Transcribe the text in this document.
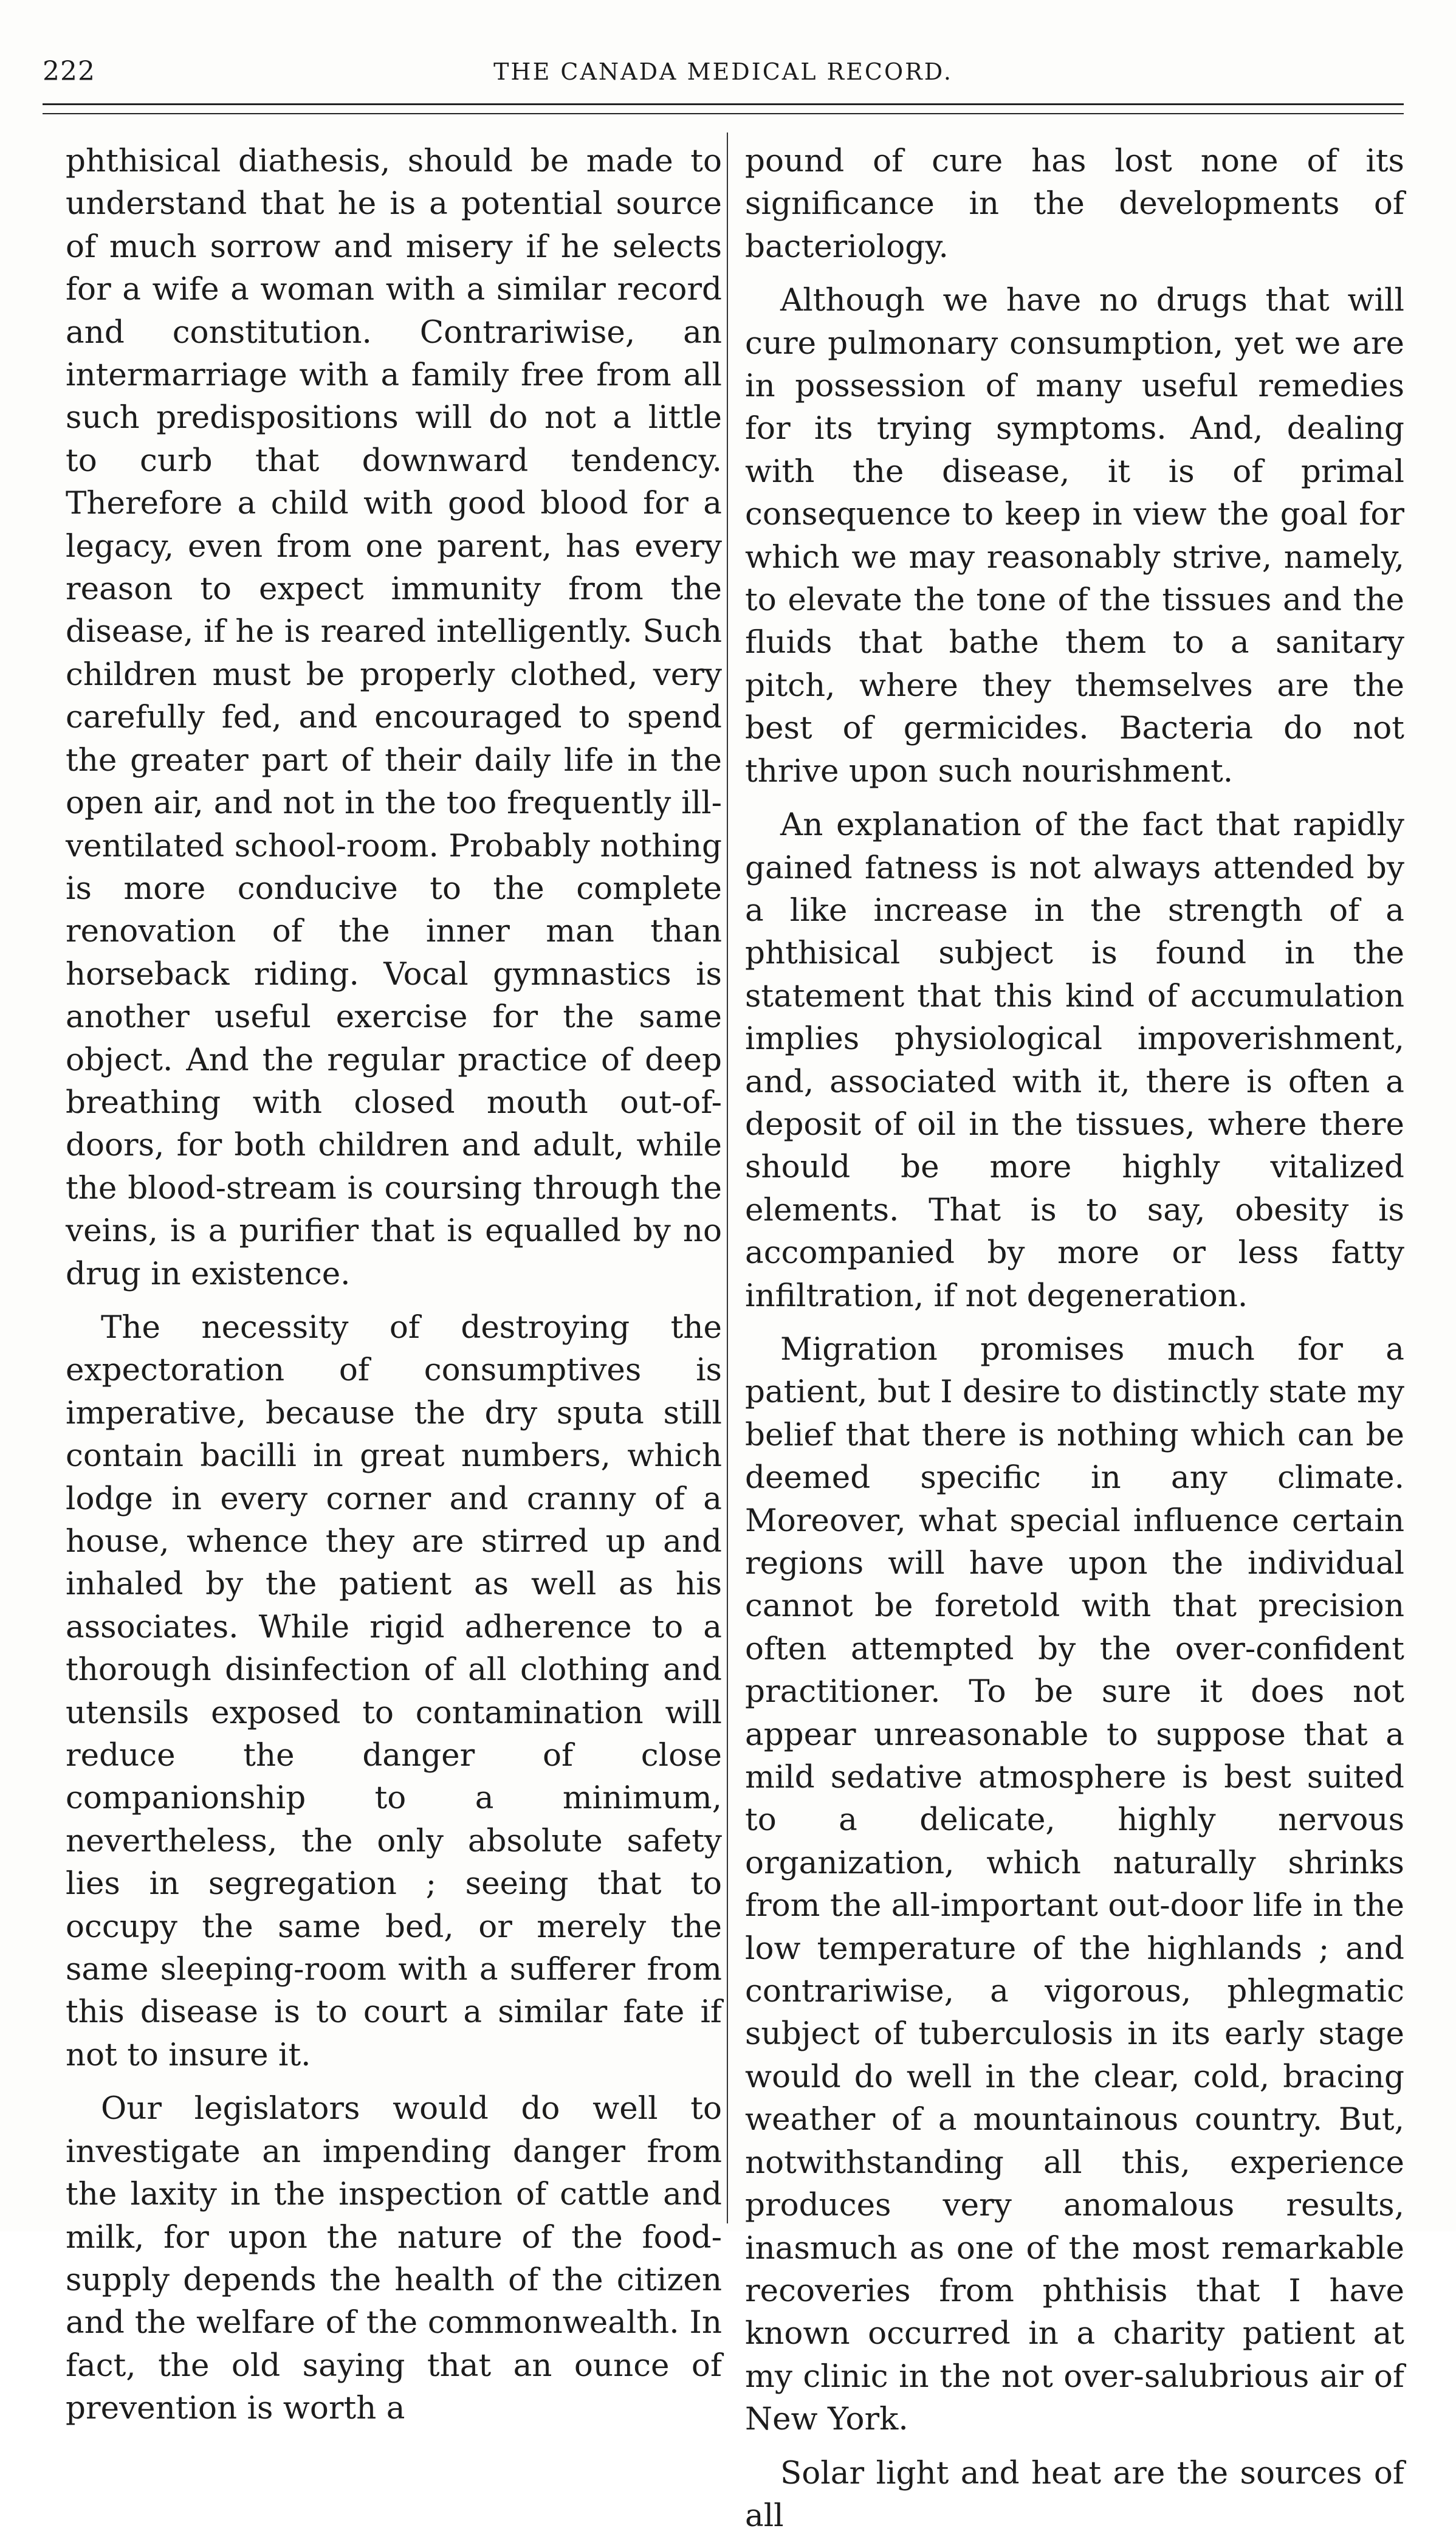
222	THE CANADA MEDICAL RECORD.

phthisical diathesis, should be made to understand that he is a potential source of much sorrow and misery if he selects for a wife a woman with a similar record and constitution. Contrariwise, an intermarriage with a family free from all such predispositions will do not a little to curb that downward tendency. Therefore a child with good blood for a legacy, even from one parent, has every reason to expect immunity from the disease, if he is reared intelligently. Such children must be properly clothed, very carefully fed, and encouraged to spend the greater part of their daily life in the open air, and not in the too frequently ill-ventilated school-room. Probably nothing is more conducive to the complete renovation of the inner man than horseback riding. Vocal gymnastics is another useful exercise for the same object. And the regular practice of deep breathing with closed mouth out-of-doors, for both children and adult, while the blood-stream is coursing through the veins, is a purifier that is equalled by no drug in existence.

The necessity of destroying the expectoration of consumptives is imperative, because the dry sputa still contain bacilli in great numbers, which lodge in every corner and cranny of a house, whence they are stirred up and inhaled by the patient as well as his associates. While rigid adherence to a thorough disinfection of all clothing and utensils exposed to contamination will reduce the danger of close companionship to a minimum, nevertheless, the only absolute safety lies in segregation ; seeing that to occupy the same bed, or merely the same sleeping-room with a sufferer from this disease is to court a similar fate if not to insure it.

Our legislators would do well to investigate an impending danger from the laxity in the inspection of cattle and milk, for upon the nature of the food-supply depends the health of the citizen and the welfare of the commonwealth. In fact, the old saying that an ounce of prevention is worth a

pound of cure has lost none of its significance in the developments of bacteriology.

Although we have no drugs that will cure pulmonary consumption, yet we are in possession of many useful remedies for its trying symptoms. And, dealing with the disease, it is of primal consequence to keep in view the goal for which we may reasonably strive, namely, to elevate the tone of the tissues and the fluids that bathe them to a sanitary pitch, where they themselves are the best of germicides. Bacteria do not thrive upon such nourishment.

An explanation of the fact that rapidly gained fatness is not always attended by a like increase in the strength of a phthisical subject is found in the statement that this kind of accumulation implies physiological impoverishment, and, associated with it, there is often a deposit of oil in the tissues, where there should be more highly vitalized elements. That is to say, obesity is accompanied by more or less fatty infiltration, if not degeneration.

Migration promises much for a patient, but I desire to distinctly state my belief that there is nothing which can be deemed specific in any climate. Moreover, what special influence certain regions will have upon the individual cannot be foretold with that precision often attempted by the over-confident practitioner. To be sure it does not appear unreasonable to suppose that a mild sedative atmosphere is best suited to a delicate, highly nervous organization, which naturally shrinks from the all-important out-door life in the low temperature of the highlands ; and contrariwise, a vigorous, phlegmatic subject of tuberculosis in its early stage would do well in the clear, cold, bracing weather of a mountainous country. But, notwithstanding all this, experience produces very anomalous results, inasmuch as one of the most remarkable recoveries from phthisis that I have known occurred in a charity patient at my clinic in the not over-salubrious air of New York.

Solar light and heat are the sources of all
